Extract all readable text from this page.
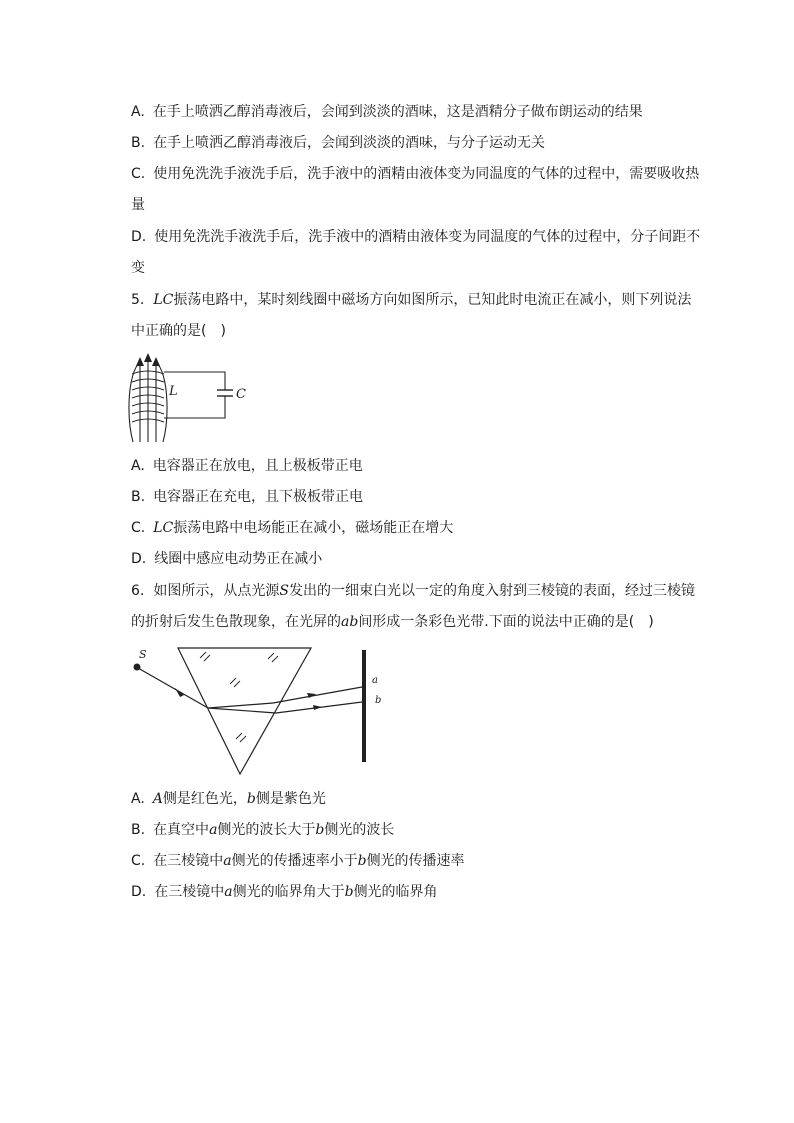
A. 在手上喷洒乙醇消毒液后，会闻到淡淡的酒味，这是酒精分子做布朗运动的结果
B. 在手上喷洒乙醇消毒液后，会闻到淡淡的酒味，与分子运动无关
C. 使用免洗洗手液洗手后，洗手液中的酒精由液体变为同温度的气体的过程中，需要吸收热
量
D. 使用免洗洗手液洗手后，洗手液中的酒精由液体变为同温度的气体的过程中，分子间距不
变
5. LC振荡电路中，某时刻线圈中磁场方向如图所示，已知此时电流正在减小，则下列说法
中正确的是(　)
L	C
A. 电容器正在放电，且上极板带正电
B. 电容器正在充电，且下极板带正电
C. LC振荡电路中电场能正在减小，磁场能正在增大
D. 线圈中感应电动势正在减小
6. 如图所示，从点光源S发出的一细束白光以一定的角度入射到三棱镜的表面，经过三棱镜
的折射后发生色散现象，在光屏的ab间形成一条彩色光带.下面的说法中正确的是(　)
S
a
b
A. A侧是红色光，b侧是紫色光
B. 在真空中a侧光的波长大于b侧光的波长
C. 在三棱镜中a侧光的传播速率小于b侧光的传播速率
D. 在三棱镜中a侧光的临界角大于b侧光的临界角
